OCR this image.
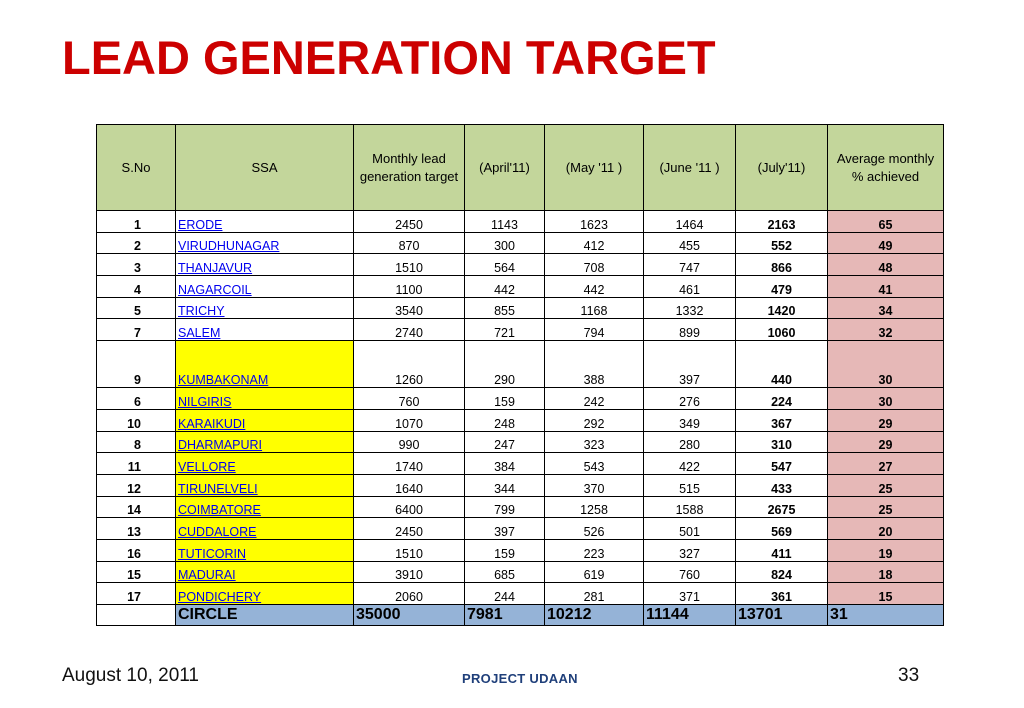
LEAD GENERATION TARGET
S.No	SSA	Monthly lead generation target	(April'11)	(May '11 )	(June '11 )	(July'11)	Average monthly % achieved
1	ERODE	2450	1143	1623	1464	2163	65
2	VIRUDHUNAGAR	870	300	412	455	552	49
3	THANJAVUR	1510	564	708	747	866	48
4	NAGARCOIL	1100	442	442	461	479	41
5	TRICHY	3540	855	1168	1332	1420	34
7	SALEM	2740	721	794	899	1060	32
9	KUMBAKONAM	1260	290	388	397	440	30
6	NILGIRIS	760	159	242	276	224	30
10	KARAIKUDI	1070	248	292	349	367	29
8	DHARMAPURI	990	247	323	280	310	29
11	VELLORE	1740	384	543	422	547	27
12	TIRUNELVELI	1640	344	370	515	433	25
14	COIMBATORE	6400	799	1258	1588	2675	25
13	CUDDALORE	2450	397	526	501	569	20
16	TUTICORIN	1510	159	223	327	411	19
15	MADURAI	3910	685	619	760	824	18
17	PONDICHERY	2060	244	281	371	361	15
	CIRCLE	35000	7981	10212	11144	13701	31
August 10, 2011	PROJECT UDAAN	33
